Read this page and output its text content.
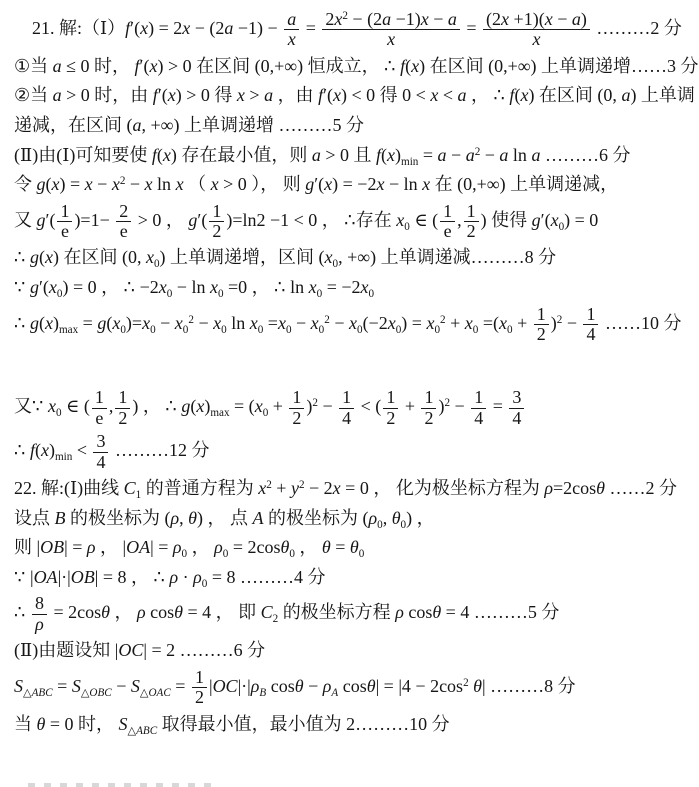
21. 解:（Ⅰ）f′(x) = $2x - (2a -1) - \frac{a}{x} = \frac{2x^2 - (2a -1)x - a}{x} = \frac{(2x +1)(x - a)}{x}$ ………2 分
①当 a ≤ 0 时， f′(x) > 0 在区间 (0,+∞) 恒成立， ∴ f(x) 在区间 (0,+∞) 上单调递增……3 分
②当 a > 0 时，由 f′(x) > 0 得 x > a ，由 f′(x) < 0 得 0 < x < a ， ∴ f(x) 在区间 (0, a) 上单调
递减，在区间 (a, +∞) 上单调递增 ………5 分
(Ⅱ)由(Ⅰ)可知要使 f(x) 存在最小值，则 a > 0 且 $f(x)_{min} = a - a^2 - a$ ln a ………6 分
令 $g(x) = x - x^2 - x$ ln x （ x > 0 ）， 则 g′(x) = −2x − ln x 在 (0,+∞) 上单调递减，
又 $g'( \frac{1}{e} )=1- \frac{2}{e} > 0$ ， $g'( \frac{1}{2} )=\ln 2 -1 < 0$ ， ∴存在 $x_0$ ∈ ( $\frac{1}{e}$ , $\frac{1}{2}$ ) 使得 $g'(x_0) = 0$
∴ g(x) 在区间 (0, $x_0$) 上单调递增，区间 ($x_0$, +∞) 上单调递减………8 分
∵ $g'(x_0) = 0$ ， ∴ $-2x_0 - \ln x_0 =0$ ， ∴ $\ln x_0 = -2x_0$
∴ $g(x)_{max} = g(x_0)=x_0 - x_0^2 - x_0$ $\ln x_0 =x_0 - x_0^2 - x_0(-2x_0) = x_0^2 + x_0 =(x_0 + \frac{1}{2} )^2 - \frac{1}{4}$ ……10 分
又∵ $x_0$ ∈ ( $\frac{1}{e}$ , $\frac{1}{2}$ ) ， ∴ $g(x)_{max} = (x_0 + \frac{1}{2} )^2 - \frac{1}{4}$ < ( $\frac{1}{2} + \frac{1}{2} )^2 - \frac{1}{4} = \frac{3}{4}$
∴ $f(x)_{min} < \frac{3}{4}$ ………12 分
22. 解:(Ⅰ)曲线 $C_1$ 的普通方程为 $x^2 + y^2 - 2x = 0$ ， 化为极坐标方程为 ρ=2cosθ ……2 分
设点 B 的极坐标为 (ρ, θ) ， 点 A 的极坐标为 ($\rho_0$, $\theta_0$) ，
则 |OB| = ρ ， $|OA| = \rho_0$ ， $\rho_0 = 2\cos\theta_0$ ， $\theta = \theta_0$
∵ |OA|·|OB| = 8 ， ∴ $\rho \cdot \rho_0 = 8$ ………4 分
∴ $\frac{8}{\rho} = 2\cos\theta$ ， ρ cosθ = 4 ， 即 $C_2$ 的极坐标方程 ρ cosθ = 4 ………5 分
(Ⅱ)由题设知 |OC| = 2 ………6 分
$S_{\triangle ABC} = S_{\triangle OBC} - S_{\triangle OAC} = \frac{1}{2} |OC|\cdot|\rho_B$ $\cos\theta - \rho_A$ $\cos\theta| = |4 - 2\cos^2$ θ| ………8 分
当 θ = 0 时， $S_{\triangle ABC}$ 取得最小值，最小值为 2………10 分
